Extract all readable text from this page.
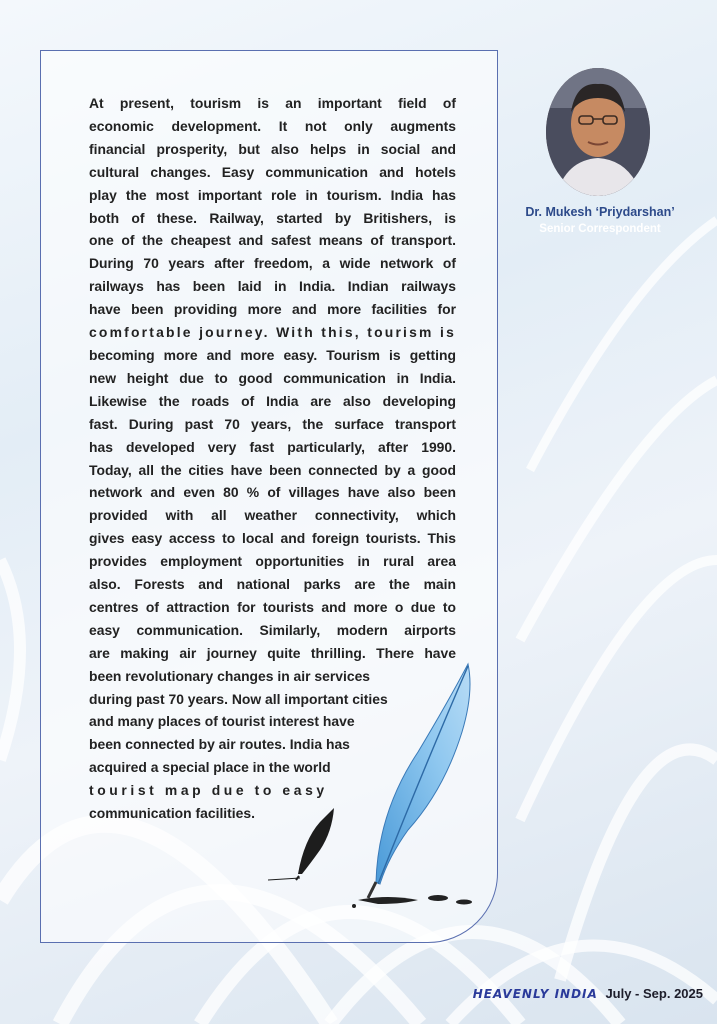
At present, tourism is an important field of
economic development. It not only augments
financial prosperity, but also helps in social and
cultural changes. Easy communication and hotels
play the most important role in tourism. India has
both of these. Railway, started by Britishers, is
one of the cheapest and safest means of transport.
During 70 years after freedom, a wide network of
railways has been laid in India. Indian railways
have been providing more and more facilities for
comfortable journey. With this, tourism is
becoming more and more easy. Tourism is getting
new height due to good communication in India.
Likewise the roads of India are also developing
fast. During past 70 years, the surface transport
has developed very fast particularly, after 1990.
Today, all the cities have been connected by a good
network and even 80 % of villages have also been
provided with all weather connectivity, which
gives easy access to local and foreign tourists. This
provides employment opportunities in rural area
also. Forests and national parks are the main
centres of attraction for tourists and more o due to
easy communication. Similarly, modern airports
are making air journey quite thrilling. There have
been revolutionary changes in air services
during past 70 years. Now all important cities
and many places of tourist interest have
been connected by air routes. India has
acquired a special place in the world
tourist map due to easy
communication facilities.
Dr. Mukesh ‘Priydarshan’
Senior Correspondent
HEAVENLY INDIA July - Sep. 2025
